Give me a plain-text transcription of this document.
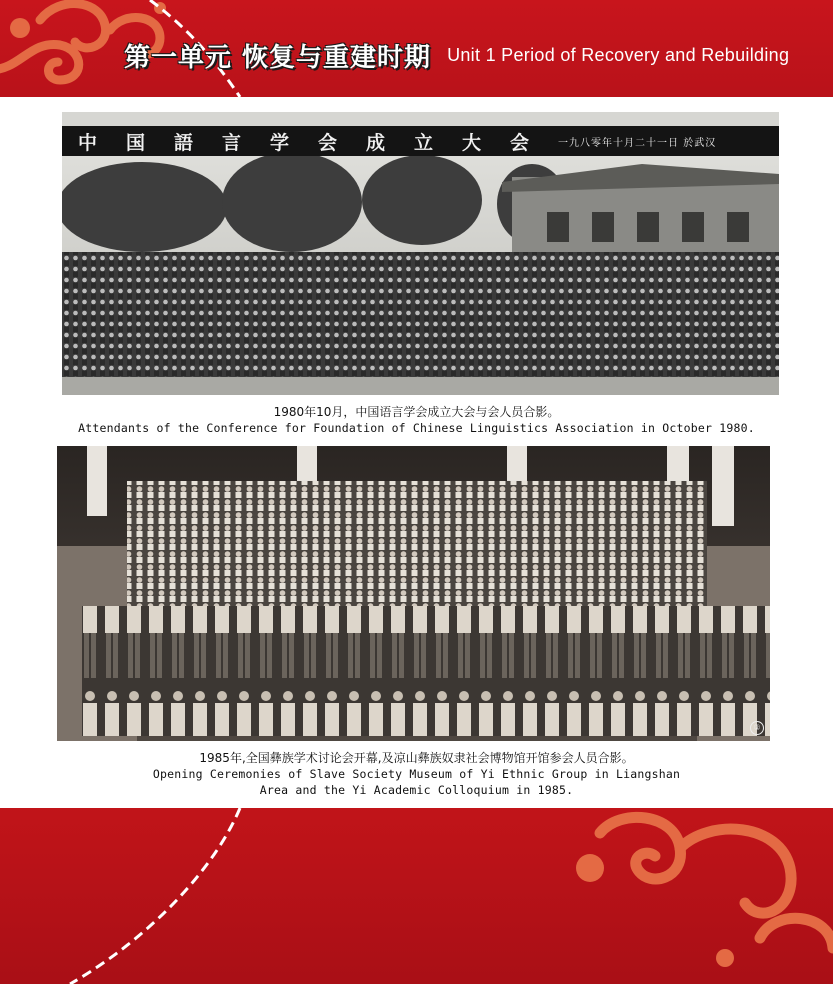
第一单元 恢复与重建时期 Unit 1 Period of Recovery and Rebuilding
中国語言学会成立大会 一九八零年十月二十一日 於武汉
1980年10月，中国语言学会成立大会与会人员合影。
Attendants of the Conference for Foundation of Chinese Linguistics Association in October 1980.
②
1985年,全国彝族学术讨论会开幕,及凉山彝族奴隶社会博物馆开馆参会人员合影。
Opening Ceremonies of Slave Society Museum of Yi Ethnic Group in Liangshan
Area and the Yi Academic Colloquium in 1985.
